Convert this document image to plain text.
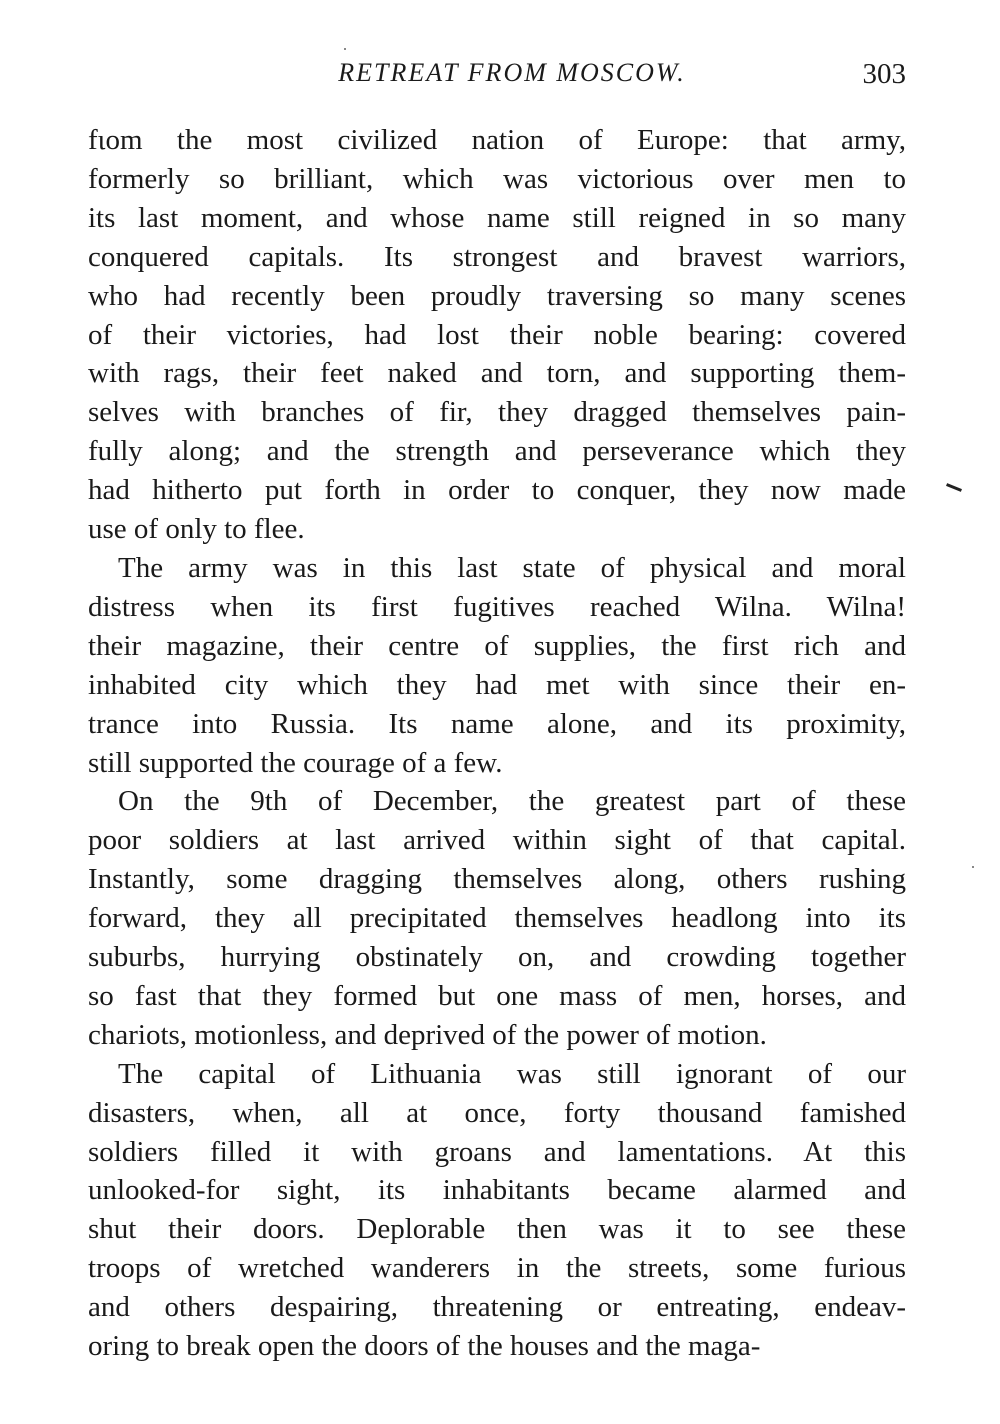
RETREAT FROM MOSCOW.	303

fιom the most civilized nation of Europe: that army,
formerly so brilliant, which was victorious over men to
its last moment, and whose name still reigned in so many
conquered capitals. Its strongest and bravest warriors,
who had recently been proudly traversing so many scenes
of their victories, had lost their noble bearing: covered
with rags, their feet naked and torn, and supporting them-
selves with branches of fir, they dragged themselves pain-
fully along; and the strength and perseverance which they
had hitherto put forth in order to conquer, they now made
use of only to flee.

The army was in this last state of physical and moral
distress when its first fugitives reached Wilna. Wilna!
their magazine, their centre of supplies, the first rich and
inhabited city which they had met with since their en-
trance into Russia. Its name alone, and its proximity,
still supported the courage of a few.

On the 9th of December, the greatest part of these
poor soldiers at last arrived within sight of that capital.
Instantly, some dragging themselves along, others rushing
forward, they all precipitated themselves headlong into its
suburbs, hurrying obstinately on, and crowding together
so fast that they formed but one mass of men, horses, and
chariots, motionless, and deprived of the power of motion.

The capital of Lithuania was still ignorant of our
disasters, when, all at once, forty thousand famished
soldiers filled it with groans and lamentations. At this
unlooked-for sight, its inhabitants became alarmed and
shut their doors. Deplorable then was it to see these
troops of wretched wanderers in the streets, some furious
and others despairing, threatening or entreating, endeav-
oring to break open the doors of the houses and the maga-
